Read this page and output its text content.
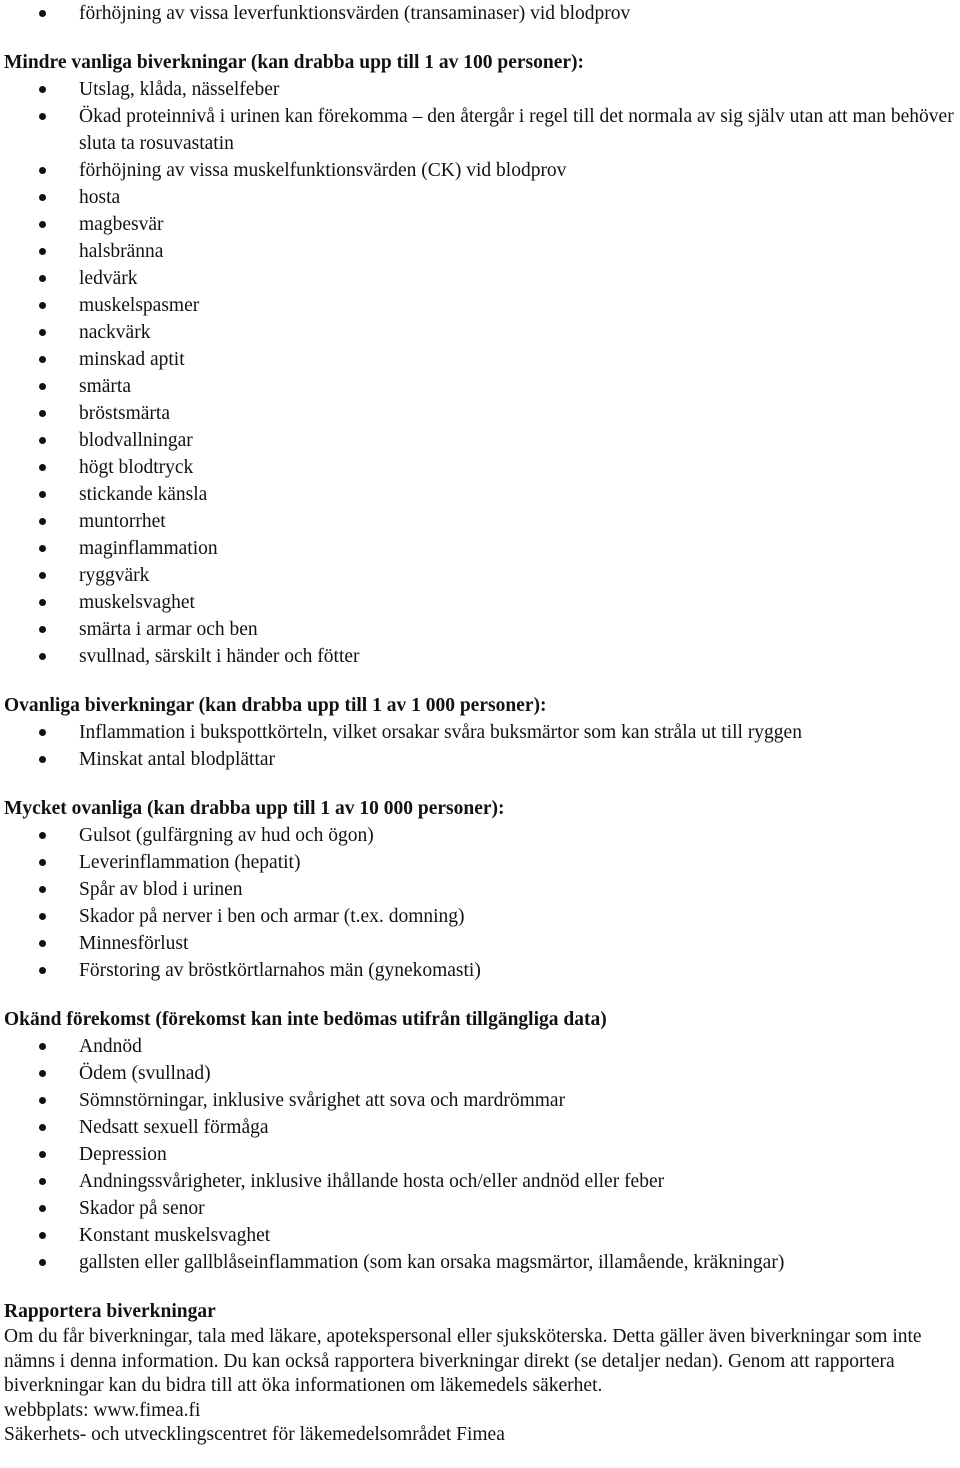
förhöjning av vissa leverfunktionsvärden (transaminaser) vid blodprov
Mindre vanliga biverkningar (kan drabba upp till 1 av 100 personer):
Utslag, klåda, nässelfeber
Ökad proteinnivå i urinen kan förekomma – den återgår i regel till det normala av sig själv utan att man behöver sluta ta rosuvastatin
förhöjning av vissa muskelfunktionsvärden (CK) vid blodprov
hosta
magbesvär
halsbränna
ledvärk
muskelspasmer
nackvärk
minskad aptit
smärta
bröstsmärta
blodvallningar
högt blodtryck
stickande känsla
muntorrhet
maginflammation
ryggvärk
muskelsvaghet
smärta i armar och ben
svullnad, särskilt i händer och fötter
Ovanliga biverkningar (kan drabba upp till 1 av 1 000 personer):
Inflammation i bukspottkörteln, vilket orsakar svåra buksmärtor som kan stråla ut till ryggen
Minskat antal blodplättar
Mycket ovanliga (kan drabba upp till 1 av 10 000 personer):
Gulsot (gulfärgning av hud och ögon)
Leverinflammation (hepatit)
Spår av blod i urinen
Skador på nerver i ben och armar (t.ex. domning)
Minnesförlust
Förstoring av bröstkörtlarnahos män (gynekomasti)
Okänd förekomst (förekomst kan inte bedömas utifrån tillgängliga data)
Andnöd
Ödem (svullnad)
Sömnstörningar, inklusive svårighet att sova och mardrömmar
Nedsatt sexuell förmåga
Depression
Andningssvårigheter, inklusive ihållande hosta och/eller andnöd eller feber
Skador på senor
Konstant muskelsvaghet
gallsten eller gallblåseinflammation (som kan orsaka magsmärtor, illamående, kräkningar)
Rapportera biverkningar

Om du får biverkningar, tala med läkare, apotekspersonal eller sjuksköterska. Detta gäller även biverkningar som inte nämns i denna information. Du kan också rapportera biverkningar direkt (se detaljer nedan). Genom att rapportera biverkningar kan du bidra till att öka informationen om läkemedels säkerhet.

webbplats: www.fimea.fi

Säkerhets- och utvecklingscentret för läkemedelsområdet Fimea
